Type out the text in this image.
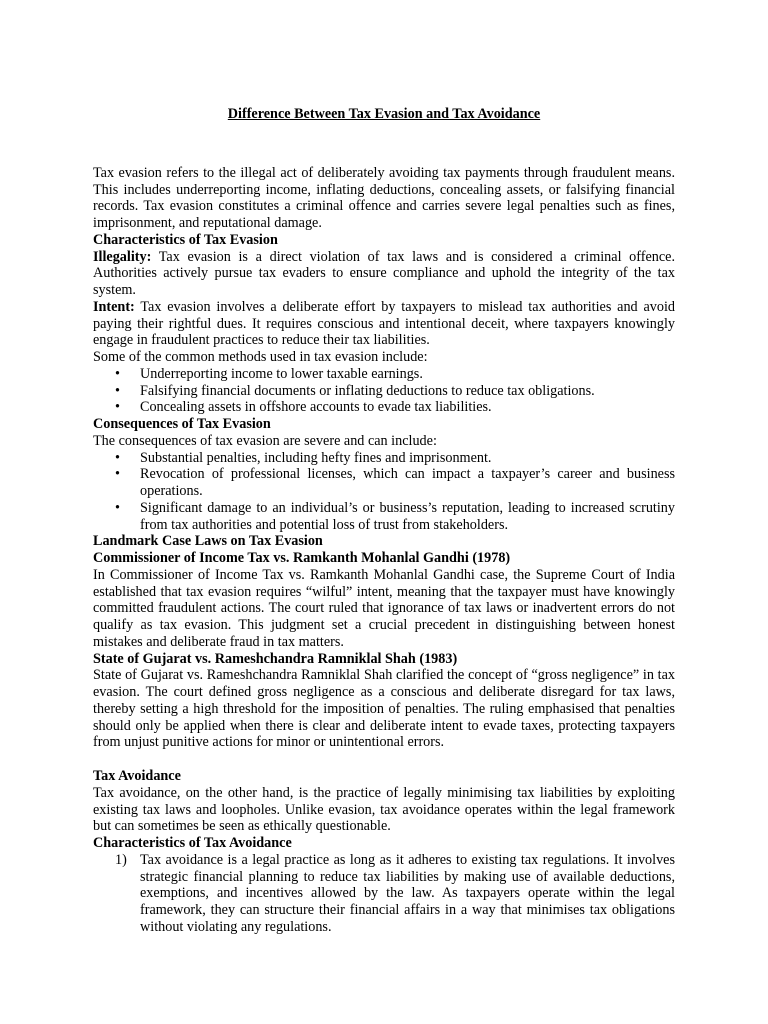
Difference Between Tax Evasion and Tax Avoidance

Tax evasion refers to the illegal act of deliberately avoiding tax payments through fraudulent means. This includes underreporting income, inflating deductions, concealing assets, or falsifying financial records. Tax evasion constitutes a criminal offence and carries severe legal penalties such as fines, imprisonment, and reputational damage.

Characteristics of Tax Evasion

Illegality: Tax evasion is a direct violation of tax laws and is considered a criminal offence. Authorities actively pursue tax evaders to ensure compliance and uphold the integrity of the tax system.

Intent: Tax evasion involves a deliberate effort by taxpayers to mislead tax authorities and avoid paying their rightful dues. It requires conscious and intentional deceit, where taxpayers knowingly engage in fraudulent practices to reduce their tax liabilities.

Some of the common methods used in tax evasion include:

• Underreporting income to lower taxable earnings.
• Falsifying financial documents or inflating deductions to reduce tax obligations.
• Concealing assets in offshore accounts to evade tax liabilities.
Consequences of Tax Evasion

The consequences of tax evasion are severe and can include:

• Substantial penalties, including hefty fines and imprisonment.
• Revocation of professional licenses, which can impact a taxpayer’s career and business operations.
• Significant damage to an individual’s or business’s reputation, leading to increased scrutiny from tax authorities and potential loss of trust from stakeholders.
Landmark Case Laws on Tax Evasion
Commissioner of Income Tax vs. Ramkanth Mohanlal Gandhi (1978)

In Commissioner of Income Tax vs. Ramkanth Mohanlal Gandhi case, the Supreme Court of India established that tax evasion requires “wilful” intent, meaning that the taxpayer must have knowingly committed fraudulent actions. The court ruled that ignorance of tax laws or inadvertent errors do not qualify as tax evasion. This judgment set a crucial precedent in distinguishing between honest mistakes and deliberate fraud in tax matters.

State of Gujarat vs. Rameshchandra Ramniklal Shah (1983)

State of Gujarat vs. Rameshchandra Ramniklal Shah clarified the concept of “gross negligence” in tax evasion. The court defined gross negligence as a conscious and deliberate disregard for tax laws, thereby setting a high threshold for the imposition of penalties. The ruling emphasised that penalties should only be applied when there is clear and deliberate intent to evade taxes, protecting taxpayers from unjust punitive actions for minor or unintentional errors.

Tax Avoidance

Tax avoidance, on the other hand, is the practice of legally minimising tax liabilities by exploiting existing tax laws and loopholes. Unlike evasion, tax avoidance operates within the legal framework but can sometimes be seen as ethically questionable.

Characteristics of Tax Avoidance
1) Tax avoidance is a legal practice as long as it adheres to existing tax regulations. It involves strategic financial planning to reduce tax liabilities by making use of available deductions, exemptions, and incentives allowed by the law. As taxpayers operate within the legal framework, they can structure their financial affairs in a way that minimises tax obligations without violating any regulations.
